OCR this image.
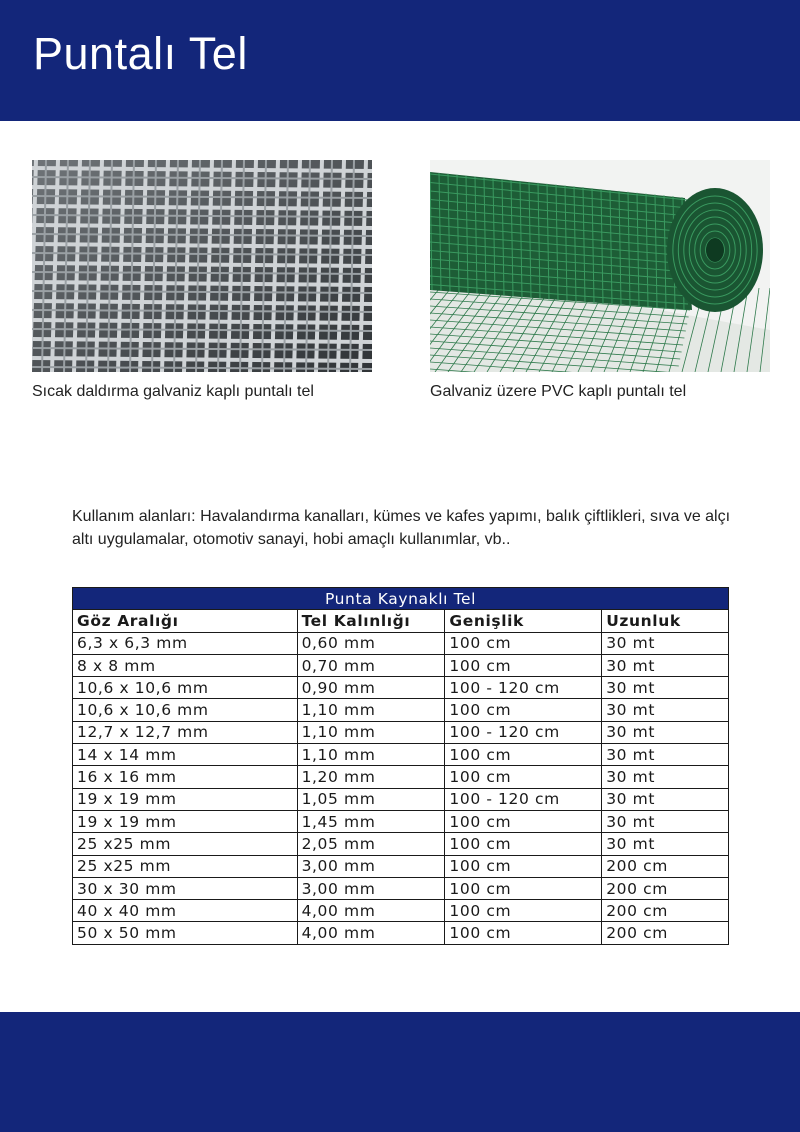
Puntalı Tel
Sıcak daldırma galvaniz kaplı puntalı tel	Galvaniz üzere PVC kaplı puntalı tel
Kullanım alanları: Havalandırma kanalları, kümes ve kafes yapımı, balık çiftlikleri, sıva ve alçı altı uygulamalar, otomotiv sanayi, hobi amaçlı kullanımlar, vb..
Punta Kaynaklı Tel			
Göz Aralığı	Tel Kalınlığı	Genişlik	Uzunluk
6,3 x 6,3 mm	0,60 mm	100 cm	30 mt
8 x 8 mm	0,70 mm	100 cm	30 mt
10,6 x 10,6 mm	0,90 mm	100 - 120 cm	30 mt
10,6 x 10,6 mm	1,10 mm	100 cm	30 mt
12,7 x 12,7 mm	1,10 mm	100 - 120 cm	30 mt
14 x 14 mm	1,10 mm	100 cm	30 mt
16 x 16 mm	1,20 mm	100 cm	30 mt
19 x 19 mm	1,05 mm	100 - 120 cm	30 mt
19 x 19 mm	1,45 mm	100 cm	30 mt
25 x25 mm	2,05 mm	100 cm	30 mt
25 x25 mm	3,00 mm	100 cm	200 cm
30 x 30 mm	3,00 mm	100 cm	200 cm
40 x 40 mm	4,00 mm	100 cm	200 cm
50 x 50 mm	4,00 mm	100 cm	200 cm
